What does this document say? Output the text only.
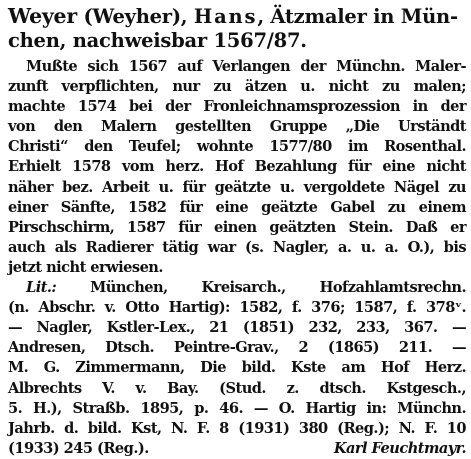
Weyer (Weyher), Hans, Ätzmaler in Mün-
chen, nachweisbar 1567/87.
Mußte sich 1567 auf Verlangen der Münchn. Maler-
zunft verpflichten, nur zu ätzen u. nicht zu malen;
machte 1574 bei der Fronleichnamsprozession in der
von den Malern gestellten Gruppe „Die Urständt
Christi“ den Teufel; wohnte 1577/80 im Rosenthal.
Erhielt 1578 vom herz. Hof Bezahlung für eine nicht
näher bez. Arbeit u. für geätzte u. vergoldete Nägel zu
einer Sänfte, 1582 für eine geätzte Gabel zu einem
Pirschschirm, 1587 für einen geätzten Stein. Daß er
auch als Radierer tätig war (s. Nagler, a. u. a. O.), bis
jetzt nicht erwiesen.
Lit.: München, Kreisarch., Hofzahlamtsrechn.
(n. Abschr. v. Otto Hartig): 1582, f. 376; 1587, f. 378ᵛ.
— Nagler, Kstler-Lex., 21 (1851) 232, 233, 367. —
Andresen, Dtsch. Peintre-Grav., 2 (1865) 211. —
M. G. Zimmermann, Die bild. Kste am Hof Herz.
Albrechts V. v. Bay. (Stud. z. dtsch. Kstgesch.,
5. H.), Straßb. 1895, p. 46. — O. Hartig in: Münchn.
Jahrb. d. bild. Kst, N. F. 8 (1931) 380 (Reg.); N. F. 10
(1933) 245 (Reg.).	Karl Feuchtmayr.
